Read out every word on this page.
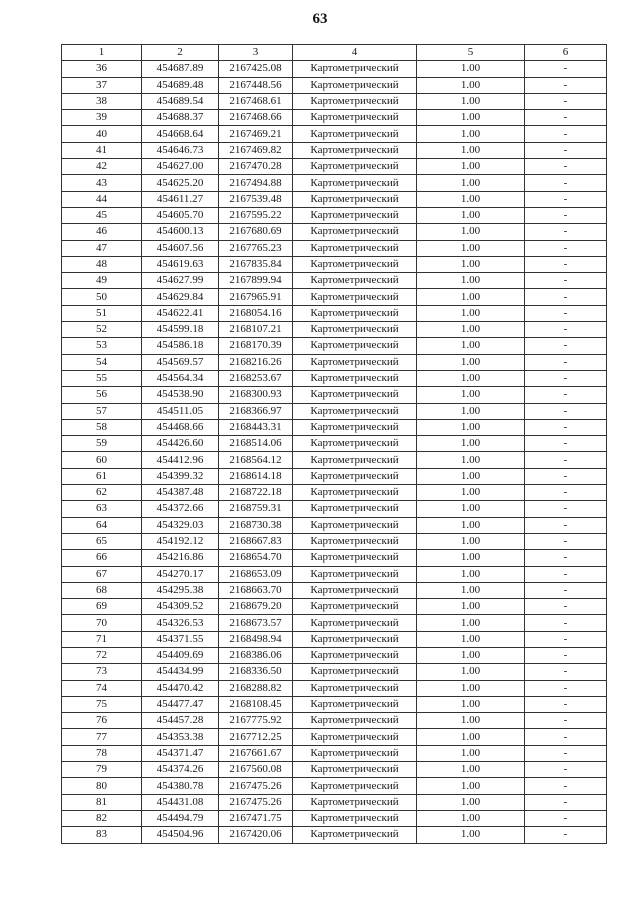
63
1	2	3	4	5	6
36	454687.89	2167425.08	Картометрический	1.00	-
37	454689.48	2167448.56	Картометрический	1.00	-
38	454689.54	2167468.61	Картометрический	1.00	-
39	454688.37	2167468.66	Картометрический	1.00	-
40	454668.64	2167469.21	Картометрический	1.00	-
41	454646.73	2167469.82	Картометрический	1.00	-
42	454627.00	2167470.28	Картометрический	1.00	-
43	454625.20	2167494.88	Картометрический	1.00	-
44	454611.27	2167539.48	Картометрический	1.00	-
45	454605.70	2167595.22	Картометрический	1.00	-
46	454600.13	2167680.69	Картометрический	1.00	-
47	454607.56	2167765.23	Картометрический	1.00	-
48	454619.63	2167835.84	Картометрический	1.00	-
49	454627.99	2167899.94	Картометрический	1.00	-
50	454629.84	2167965.91	Картометрический	1.00	-
51	454622.41	2168054.16	Картометрический	1.00	-
52	454599.18	2168107.21	Картометрический	1.00	-
53	454586.18	2168170.39	Картометрический	1.00	-
54	454569.57	2168216.26	Картометрический	1.00	-
55	454564.34	2168253.67	Картометрический	1.00	-
56	454538.90	2168300.93	Картометрический	1.00	-
57	454511.05	2168366.97	Картометрический	1.00	-
58	454468.66	2168443.31	Картометрический	1.00	-
59	454426.60	2168514.06	Картометрический	1.00	-
60	454412.96	2168564.12	Картометрический	1.00	-
61	454399.32	2168614.18	Картометрический	1.00	-
62	454387.48	2168722.18	Картометрический	1.00	-
63	454372.66	2168759.31	Картометрический	1.00	-
64	454329.03	2168730.38	Картометрический	1.00	-
65	454192.12	2168667.83	Картометрический	1.00	-
66	454216.86	2168654.70	Картометрический	1.00	-
67	454270.17	2168653.09	Картометрический	1.00	-
68	454295.38	2168663.70	Картометрический	1.00	-
69	454309.52	2168679.20	Картометрический	1.00	-
70	454326.53	2168673.57	Картометрический	1.00	-
71	454371.55	2168498.94	Картометрический	1.00	-
72	454409.69	2168386.06	Картометрический	1.00	-
73	454434.99	2168336.50	Картометрический	1.00	-
74	454470.42	2168288.82	Картометрический	1.00	-
75	454477.47	2168108.45	Картометрический	1.00	-
76	454457.28	2167775.92	Картометрический	1.00	-
77	454353.38	2167712.25	Картометрический	1.00	-
78	454371.47	2167661.67	Картометрический	1.00	-
79	454374.26	2167560.08	Картометрический	1.00	-
80	454380.78	2167475.26	Картометрический	1.00	-
81	454431.08	2167475.26	Картометрический	1.00	-
82	454494.79	2167471.75	Картометрический	1.00	-
83	454504.96	2167420.06	Картометрический	1.00	-
